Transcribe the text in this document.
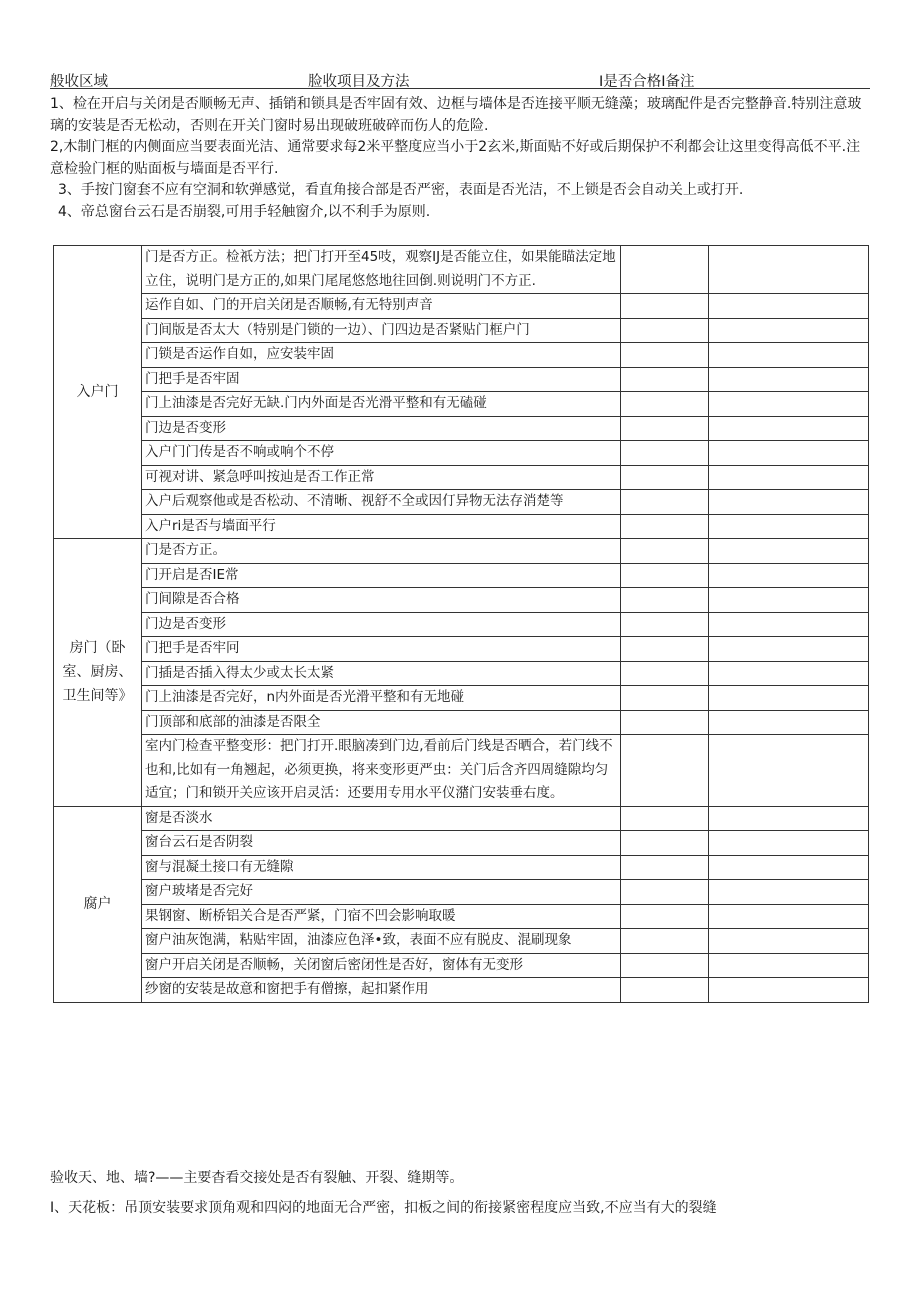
般收区域	脸收项目及方法	I是否合格I备注

1、检在开启与关闭是否顺畅无声、插销和锁具是否牢固有效、边框与墙体是否连接平顺无缝藻；玻璃配件是否完整静音.特别注意玻璃的安装是否无松动，否则在开关门窗时易出现破班破碎而伤人的危险.

2,木制门框的内侧面应当要表面光洁、通常要求每2米平整度应当小于2玄米,斯面贴不好或后期保护不利都会让这里变得高低不平.注意检验门框的贴面板与墙面是否平行.

3、手按门窗套不应有空洞和软弹感觉，看直角接合部是否严密，表面是否光洁，不上锁是否会自动关上或打开.

4、帝总窗台云石是否崩裂,可用手轻触窗介,以不利手为原则.

入户门	门是否方正。检祇方法；把门打开至45吱，观察IJ是否能立住，如果能瞄法定地立住，说明门是方正的,如果门尾尾悠悠地往回倒.则说明门不方正.		
	运作自如、门的开启关闭是否顺畅,有无特别声音		
	门间版是否太大（特别是门锁的一边）、门四边是否紧贴门框户门		
	门锁是否运作自如，应安装牢固		
	门把手是否牢固		
	门上油漆是否完好无缺.门内外面是否光滑平整和有无磕碰		
	门边是否变形		
	入户门门传是否不响或响个不停		
	可视对讲、紧急呼叫按辿是否工作正常		
	入户后观察他或是否松动、不清晰、视舒不全或因仃异物无法存消楚等		
	入户ri是否与墙面平行		
房门（卧室、厨房、卫生间等》	门是否方正。		
	门开启是否IE常		
	门间隙是否合格		
	门边是否变形		
	门把手是否牢冋		
	门插是否插入得太少或太长太紧		
	门上油漆是否完好，n内外面是否光滑平整和有无地碰		
	门顶部和底部的油漆是否限全		
	室内门检查平整变形：把门打开.眼脑凑到门边,看前后门线是否晒合，若门线不也和,比如有一角翘起，必须更换，将来变形更严虫：关门后含齐四周缝隙均匀适宜；门和锁开关应该开启灵活：还要用专用水平仪潴门安装垂右度。		
腐户	窗是否淡水		
	窗台云石是否阴裂		
	窗与混凝土接口有无缝隙		
	窗户玻堵是否完好		
	果钢窗、断桥铝关合是否严紧，门宿不凹会影响取暖		
	窗户油灰饱满，粘贴牢固，油漆应色泽•致，表面不应有脱皮、混刷现象		
	窗户开启关闭是否顺畅，关闭窗后密闭性是否好，窗体有无变形		
	纱窗的安装是故意和窗把手有僧擦，起扣紧作用		

验收天、地、墙?——主要杳看交接处是否有裂触、开裂、缝期等。

I、天花板：吊顶安装要求顶角观和四闷的地面无合严密，扣板之间的衔接紧密程度应当致,不应当有大的裂缝
